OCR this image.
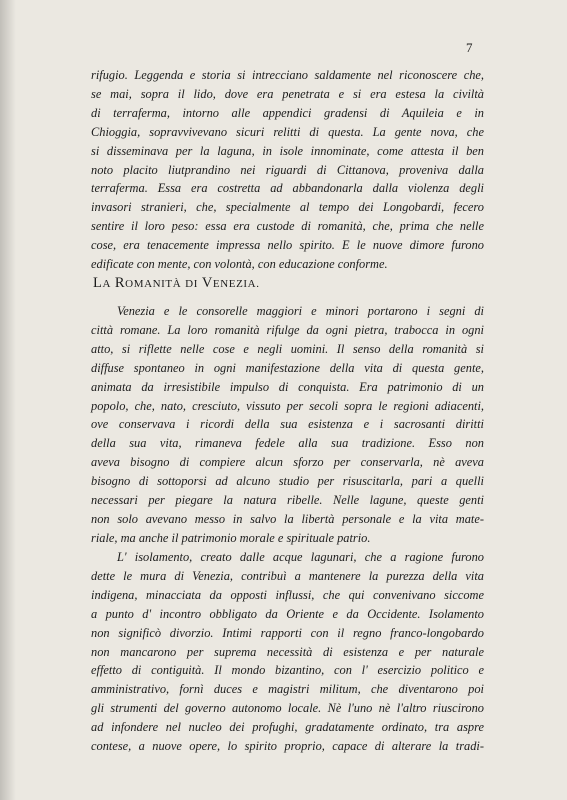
7
rifugio. Leggenda e storia si intrecciano saldamente nel riconoscere che,
se mai, sopra il lido, dove era penetrata e si era estesa la civiltà
di terraferma, intorno alle appendici gradensi di Aquileia e in
Chioggia, sopravvivevano sicuri relitti di questa. La gente nova, che
si disseminava per la laguna, in isole innominate, come attesta il ben
noto placito liutprandino nei riguardi di Cittanova, proveniva dalla
terraferma. Essa era costretta ad abbandonarla dalla violenza degli
invasori stranieri, che, specialmente al tempo dei Longobardi, fecero
sentire il loro peso: essa era custode di romanità, che, prima che nelle
cose, era tenacemente impressa nello spirito. E le nuove dimore furono
edificate con mente, con volontà, con educazione conforme.
LA ROMANITÀ DI VENEZIA.
Venezia e le consorelle maggiori e minori portarono i segni di
città romane. La loro romanità rifulge da ogni pietra, trabocca in ogni
atto, si riflette nelle cose e negli uomini. Il senso della romanità si
diffuse spontaneo in ogni manifestazione della vita di questa gente,
animata da irresistibile impulso di conquista. Era patrimonio di un
popolo, che, nato, cresciuto, vissuto per secoli sopra le regioni adiacenti,
ove conservava i ricordi della sua esistenza e i sacrosanti diritti
della sua vita, rimaneva fedele alla sua tradizione. Esso non
aveva bisogno di compiere alcun sforzo per conservarla, nè aveva
bisogno di sottoporsi ad alcuno studio per risuscitarla, pari a quelli
necessari per piegare la natura ribelle. Nelle lagune, queste genti
non solo avevano messo in salvo la libertà personale e la vita mate-
riale, ma anche il patrimonio morale e spirituale patrio.
L' isolamento, creato dalle acque lagunari, che a ragione furono
dette le mura di Venezia, contribuì a mantenere la purezza della vita
indigena, minacciata da opposti influssi, che qui convenivano siccome
a punto d' incontro obbligato da Oriente e da Occidente. Isolamento
non significò divorzio. Intimi rapporti con il regno franco-longobardo
non mancarono per suprema necessità di esistenza e per naturale
effetto di contiguità. Il mondo bizantino, con l' esercizio politico e
amministrativo, fornì duces e magistri militum, che diventarono poi
gli strumenti del governo autonomo locale. Nè l'uno nè l'altro riuscirono
ad infondere nel nucleo dei profughi, gradatamente ordinato, tra aspre
contese, a nuove opere, lo spirito proprio, capace di alterare la tradi-
